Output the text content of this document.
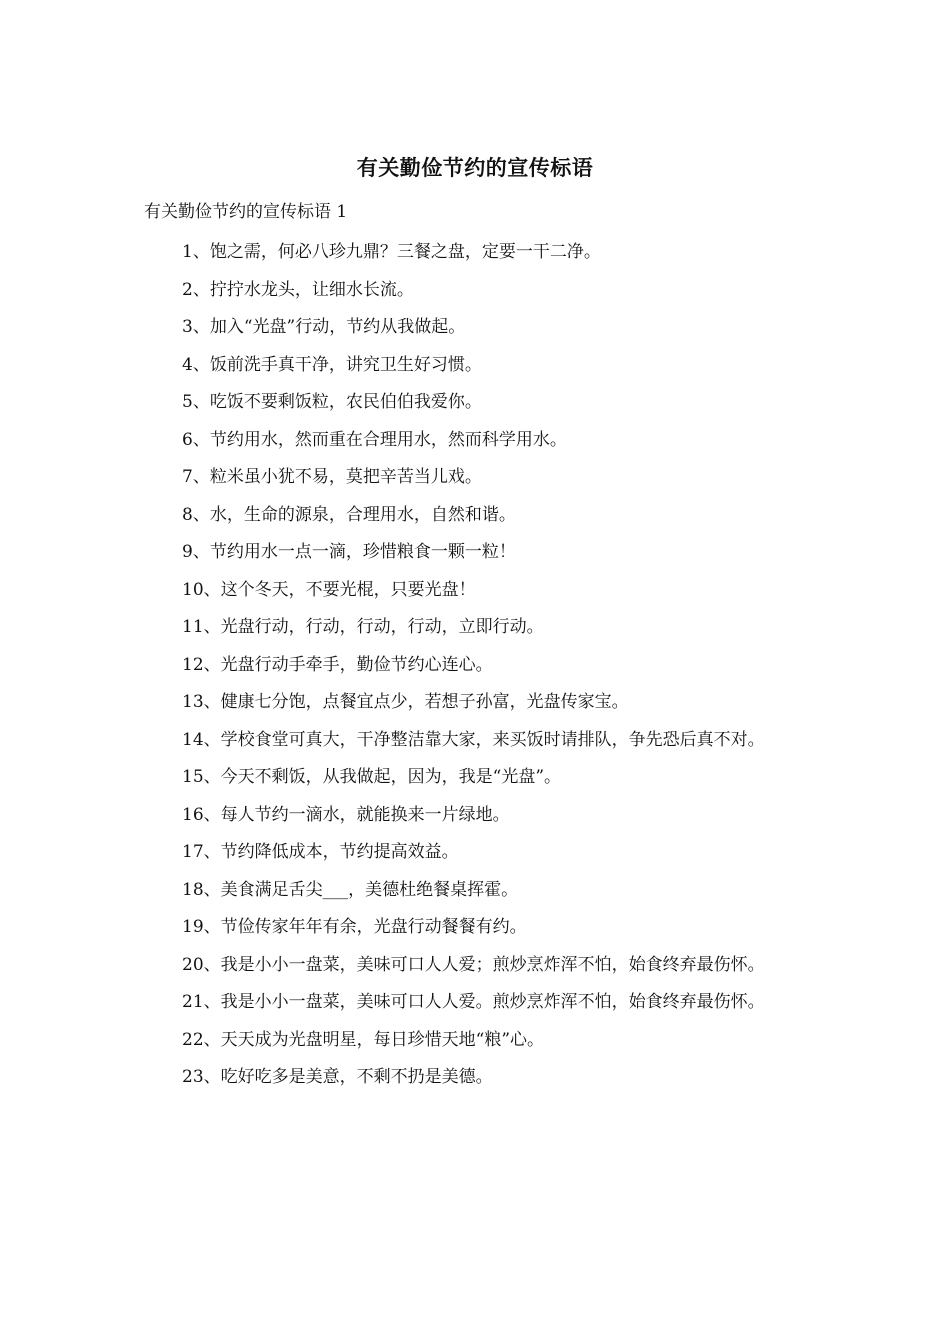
有关勤俭节约的宣传标语

有关勤俭节约的宣传标语 1

1、饱之需，何必八珍九鼎？三餐之盘，定要一干二净。
2、拧拧水龙头，让细水长流。
3、加入“光盘”行动，节约从我做起。
4、饭前洗手真干净，讲究卫生好习惯。
5、吃饭不要剩饭粒，农民伯伯我爱你。
6、节约用水，然而重在合理用水，然而科学用水。
7、粒米虽小犹不易，莫把辛苦当儿戏。
8、水，生命的源泉，合理用水，自然和谐。
9、节约用水一点一滴，珍惜粮食一颗一粒！
10、这个冬天，不要光棍，只要光盘！
11、光盘行动，行动，行动，行动，立即行动。
12、光盘行动手牵手，勤俭节约心连心。
13、健康七分饱，点餐宜点少，若想子孙富，光盘传家宝。
14、学校食堂可真大，干净整洁靠大家，来买饭时请排队，争先恐后真不对。
15、今天不剩饭，从我做起，因为，我是“光盘”。
16、每人节约一滴水，就能换来一片绿地。
17、节约降低成本，节约提高效益。
18、美食满足舌尖___，美德杜绝餐桌挥霍。
19、节俭传家年年有余，光盘行动餐餐有约。
20、我是小小一盘菜，美味可口人人爱；煎炒烹炸浑不怕，始食终弃最伤怀。
21、我是小小一盘菜，美味可口人人爱。煎炒烹炸浑不怕，始食终弃最伤怀。
22、天天成为光盘明星，每日珍惜天地“粮”心。
23、吃好吃多是美意，不剩不扔是美德。
